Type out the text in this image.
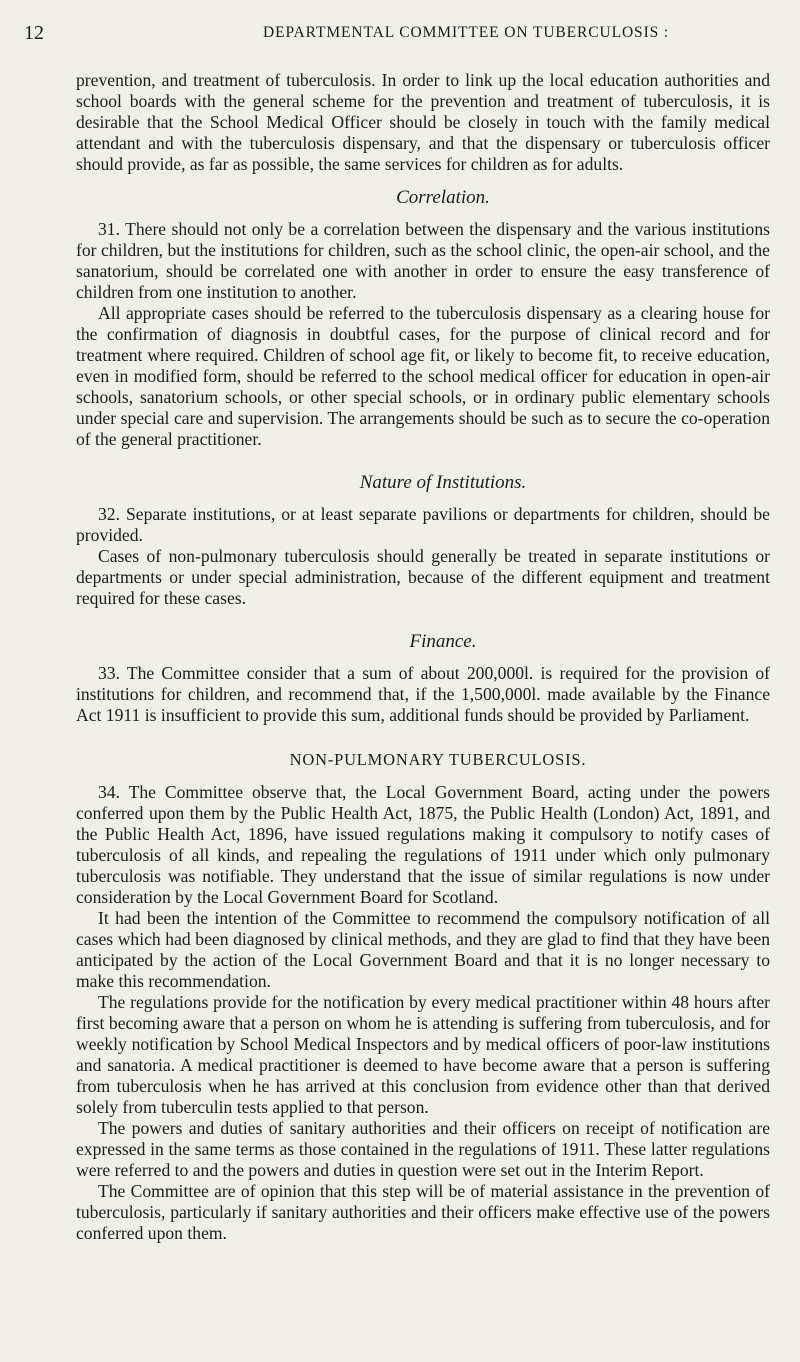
12	DEPARTMENTAL COMMITTEE ON TUBERCULOSIS :

prevention, and treatment of tuberculosis. In order to link up the local education authorities and school boards with the general scheme for the prevention and treatment of tuberculosis, it is desirable that the School Medical Officer should be closely in touch with the family medical attendant and with the tuberculosis dispensary, and that the dispensary or tuberculosis officer should provide, as far as possible, the same services for children as for adults.

Correlation.

31. There should not only be a correlation between the dispensary and the various institutions for children, but the institutions for children, such as the school clinic, the open-air school, and the sanatorium, should be correlated one with another in order to ensure the easy transference of children from one institution to another.

All appropriate cases should be referred to the tuberculosis dispensary as a clearing house for the confirmation of diagnosis in doubtful cases, for the purpose of clinical record and for treatment where required. Children of school age fit, or likely to become fit, to receive education, even in modified form, should be referred to the school medical officer for education in open-air schools, sanatorium schools, or other special schools, or in ordinary public elementary schools under special care and supervision. The arrangements should be such as to secure the co-operation of the general practitioner.

Nature of Institutions.

32. Separate institutions, or at least separate pavilions or departments for children, should be provided.

Cases of non-pulmonary tuberculosis should generally be treated in separate institutions or departments or under special administration, because of the different equipment and treatment required for these cases.

Finance.

33. The Committee consider that a sum of about 200,000l. is required for the provision of institutions for children, and recommend that, if the 1,500,000l. made available by the Finance Act 1911 is insufficient to provide this sum, additional funds should be provided by Parliament.

NON-PULMONARY TUBERCULOSIS.

34. The Committee observe that, the Local Government Board, acting under the powers conferred upon them by the Public Health Act, 1875, the Public Health (London) Act, 1891, and the Public Health Act, 1896, have issued regulations making it compulsory to notify cases of tuberculosis of all kinds, and repealing the regulations of 1911 under which only pulmonary tuberculosis was notifiable. They understand that the issue of similar regulations is now under consideration by the Local Government Board for Scotland.

It had been the intention of the Committee to recommend the compulsory notification of all cases which had been diagnosed by clinical methods, and they are glad to find that they have been anticipated by the action of the Local Government Board and that it is no longer necessary to make this recommendation.

The regulations provide for the notification by every medical practitioner within 48 hours after first becoming aware that a person on whom he is attending is suffering from tuberculosis, and for weekly notification by School Medical Inspectors and by medical officers of poor-law institutions and sanatoria. A medical practitioner is deemed to have become aware that a person is suffering from tuberculosis when he has arrived at this conclusion from evidence other than that derived solely from tuberculin tests applied to that person.

The powers and duties of sanitary authorities and their officers on receipt of notification are expressed in the same terms as those contained in the regulations of 1911. These latter regulations were referred to and the powers and duties in question were set out in the Interim Report.

The Committee are of opinion that this step will be of material assistance in the prevention of tuberculosis, particularly if sanitary authorities and their officers make effective use of the powers conferred upon them.
